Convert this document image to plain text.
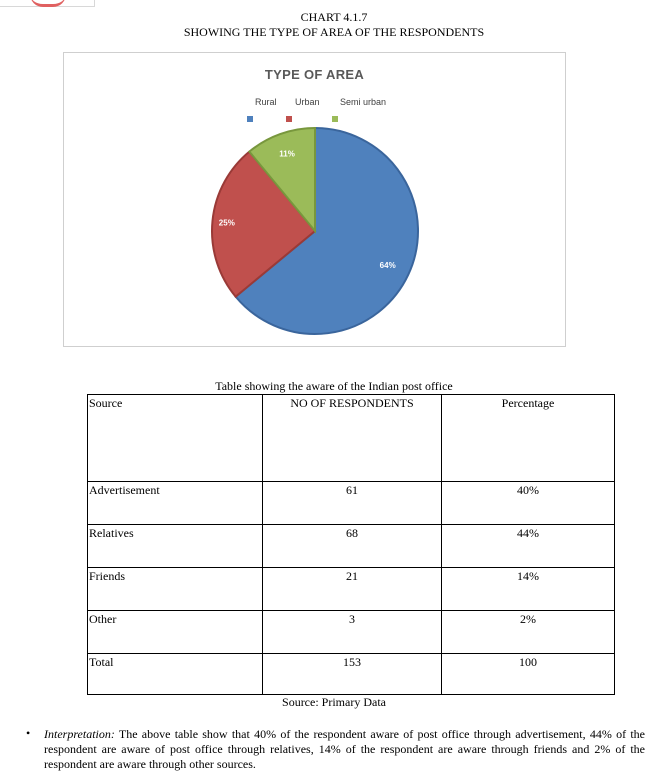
CHART 4.1.7
SHOWING THE TYPE OF AREA OF THE RESPONDENTS
TYPE OF AREA
Rural Urban Semi urban
64%
25%
11%
Table showing the aware of the Indian post office
Source	NO OF RESPONDENTS	Percentage
Advertisement	61	40%
Relatives	68	44%
Friends	21	14%
Other	3	2%
Total	153	100
Source: Primary Data
• Interpretation: The above table show that 40% of the respondent aware of post office through advertisement, 44% of the respondent are aware of post office through relatives, 14% of the respondent are aware through friends and 2% of the respondent are aware through other sources.
